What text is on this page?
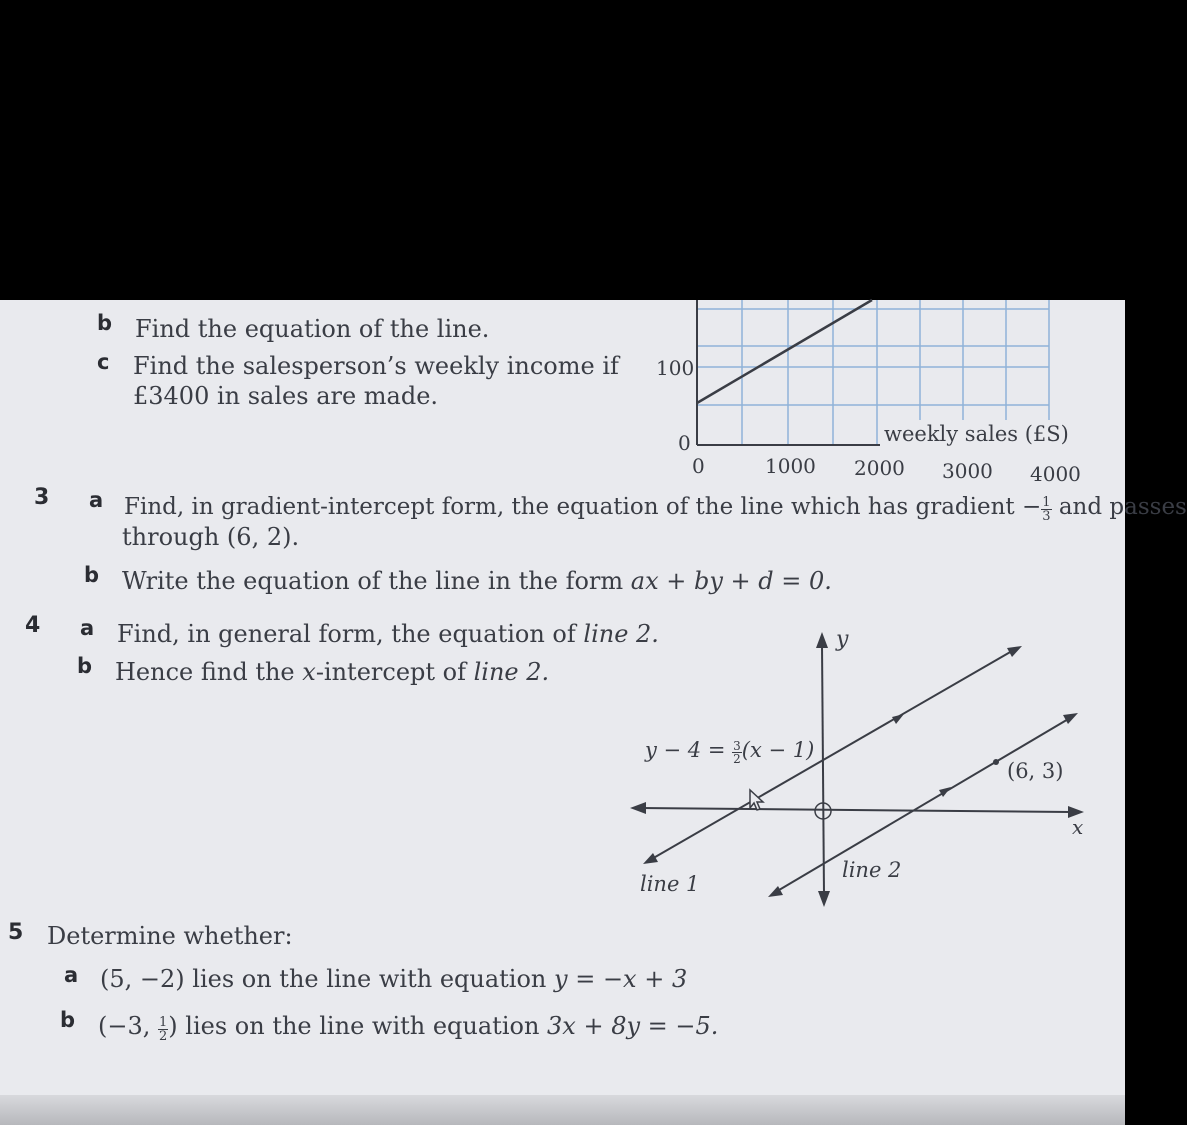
weekly sales (£S)
100
0
0	1000 2000 3000 4000
y
x
(6, 3)
line 1
line 2
$y - 4 = \frac{3}{2} (x - 1)$
b Find the equation of the line.
c Find the salesperson’s weekly income if
£3400 in sales are made.
3 a Find, in gradient-intercept form, the equation of the line which has gradient − $\frac{1}{3}$ and passes
through (6, 2).
b Write the equation of the line in the form ax + by + d = 0.
4 a Find, in general form, the equation of line 2.
b Hence find the x-intercept of line 2.
5 Determine whether:
a (5, −2) lies on the line with equation y = −x + 3
b (−3, $\frac{1}{2}$ ) lies on the line with equation 3x + 8y = −5.
